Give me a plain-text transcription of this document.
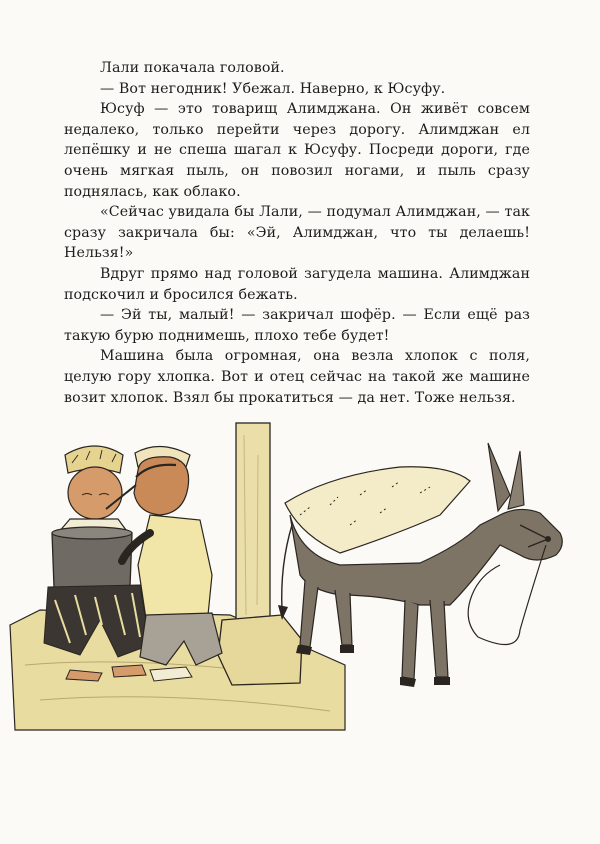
Лали покачала головой.

— Вот негодник! Убежал. Наверно, к Юсуфу.

Юсуф — это товарищ Алимджана. Он живёт совсем недалеко, только перейти через дорогу. Алимджан ел лепёшку и не спеша шагал к Юсуфу. Посреди дороги, где очень мягкая пыль, он повозил ногами, и пыль сразу поднялась, как облако.

«Сейчас увидала бы Лали, — подумал Алимджан, — так сразу закричала бы: «Эй, Алимджан, что ты делаешь! Нельзя!»

Вдруг прямо над головой загудела машина. Алимджан подскочил и бросился бежать.

— Эй ты, малый! — закричал шофёр. — Если ещё раз такую бурю поднимешь, плохо тебе будет!

Машина была огромная, она везла хлопок с поля, целую гору хлопка. Вот и отец сейчас на такой же машине возит хлопок. Взял бы прокатиться — да нет. Тоже нельзя.
